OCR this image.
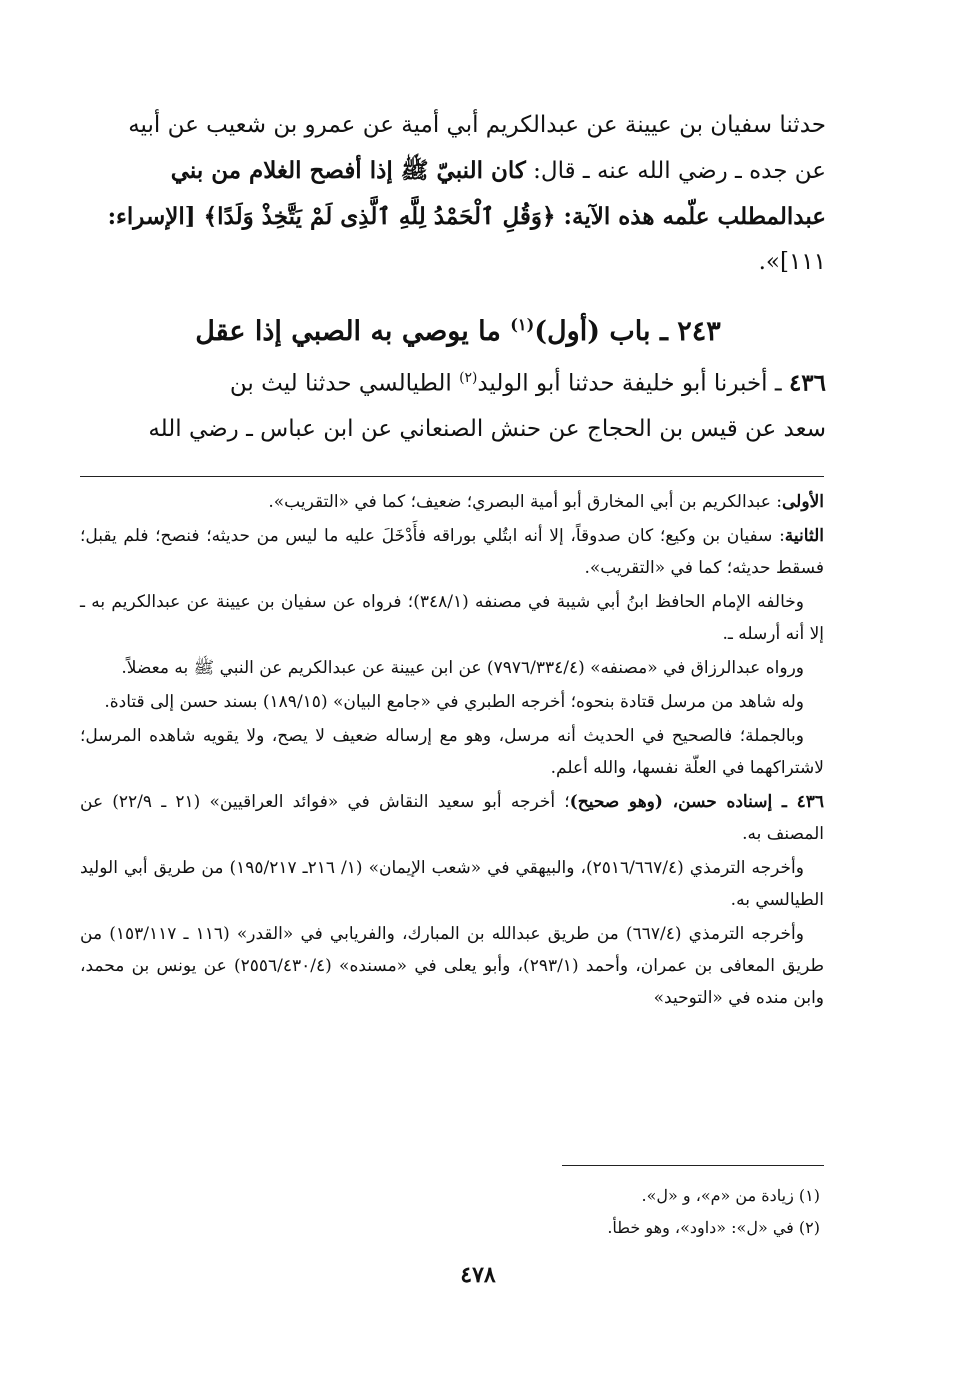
حدثنا سفيان بن عيينة عن عبدالكريم أبي أمية عن عمرو بن شعيب عن أبيه

عن جده ـ رضي الله عنه ـ قال: كان النبيّ ﷺ إذا أفصح الغلام من بني

عبدالمطلب علّمه هذه الآية: ﴿وَقُلِ ٱلْحَمْدُ لِلَّهِ ٱلَّذِى لَمْ يَتَّخِذْ وَلَدًا﴾ [الإسراء:

١١١]».

٢٤٣ ـ باب (أول)$^{(١)}$ ما يوصي به الصبي إذا عقل

٤٣٦ ـ أخبرنا أبو خليفة حدثنا أبو الوليد$^{(٢)}$ الطيالسي حدثنا ليث بن

سعد عن قيس بن الحجاج عن حنش الصنعاني عن ابن عباس ـ رضي الله

الأولى: عبدالكريم بن أبي المخارق أبو أمية البصري؛ ضعيف؛ كما في «التقريب».

الثانية: سفيان بن وكيع؛ كان صدوقاً، إلا أنه ابتُلي بوراقه فأَدْخَلَ عليه ما ليس من حديثه؛ فنصح؛ فلم يقبل؛ فسقط حديثه؛ كما في «التقريب».

وخالفه الإمام الحافظ ابنُ أبي شيبة في مصنفه (٣٤٨/١)؛ فرواه عن سفيان بن عيينة عن عبدالكريم به ـ إلا أنه أرسله ـ.

ورواه عبدالرزاق في «مصنفه» (٧٩٧٦/٣٣٤/٤) عن ابن عيينة عن عبدالكريم عن النبي ﷺ به معضلاً.

وله شاهد من مرسل قتادة بنحوه؛ أخرجه الطبري في «جامع البيان» (١٨٩/١٥) بسند حسن إلى قتادة.

وبالجملة؛ فالصحيح في الحديث أنه مرسل، وهو مع إرساله ضعيف لا يصح، ولا يقويه شاهده المرسل؛ لاشتراكهما في العلّة نفسها، والله أعلم.

٤٣٦ ـ إسناده حسن، (وهو صحيح)؛ أخرجه أبو سعيد النقاش في «فوائد العراقيين» (٢١ ـ ٢٢/٩) عن المصنف به.

وأخرجه الترمذي (٢٥١٦/٦٦٧/٤)، والبيهقي في «شعب الإيمان» (١/ ٢١٦ـ ١٩٥/٢١٧) من طريق أبي الوليد الطيالسي به.

وأخرجه الترمذي (٦٦٧/٤) من طريق عبدالله بن المبارك، والفريابي في «القدر» (١١٦ ـ ١٥٣/١١٧) من طريق المعافى بن عمران، وأحمد (٢٩٣/١)، وأبو يعلى في «مسنده» (٢٥٥٦/٤٣٠/٤) عن يونس بن محمد، وابن منده في «التوحيد»

(١) زيادة من «م»، و «ل».

(٢) في «ل»: «داود»، وهو خطأ.

٤٧٨
